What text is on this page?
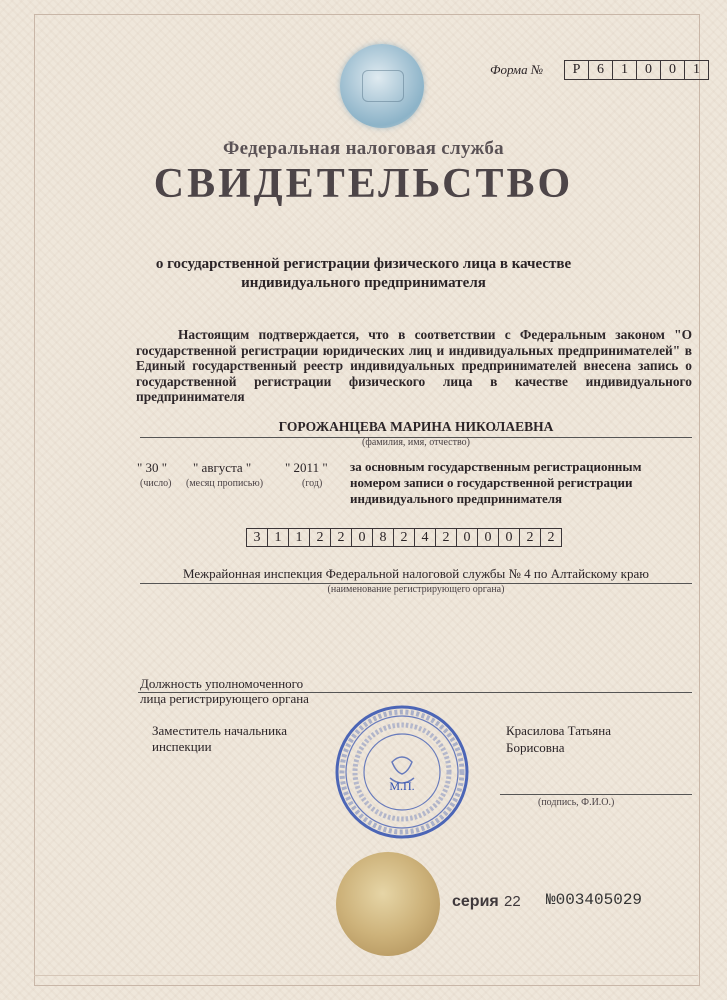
Форма №	Р	6	1	0	0	1
Федеральная налоговая служба
СВИДЕТЕЛЬСТВО
о государственной регистрации физического лица в качестве
индивидуального предпринимателя
Настоящим подтверждается, что в соответствии с Федеральным законом "О государственной регистрации юридических лиц и индивидуальных предпринимателей" в Единый государственный реестр индивидуальных предпринимателей внесена запись о государственной регистрации физического лица в качестве индивидуального предпринимателя
ГОРОЖАНЦЕВА МАРИНА НИКОЛАЕВНА
(фамилия, имя, отчество)
" 30 " " августа "	" 2011 "
(число) (месяц прописью)	(год)
за основным государственным регистрационным
номером записи о государственной регистрации
индивидуального предпринимателя
3	1	1	2	2	0	8	2	4	2	0	0	0	2	2
Межрайонная инспекция Федеральной налоговой службы № 4 по Алтайскому краю
(наименование регистрирующего органа)
Должность уполномоченного
лица регистрирующего органа
Заместитель начальника
инспекции
Красилова Татьяна
Борисовна
(подпись, Ф.И.О.)
М.П.
серия 22 №003405029
